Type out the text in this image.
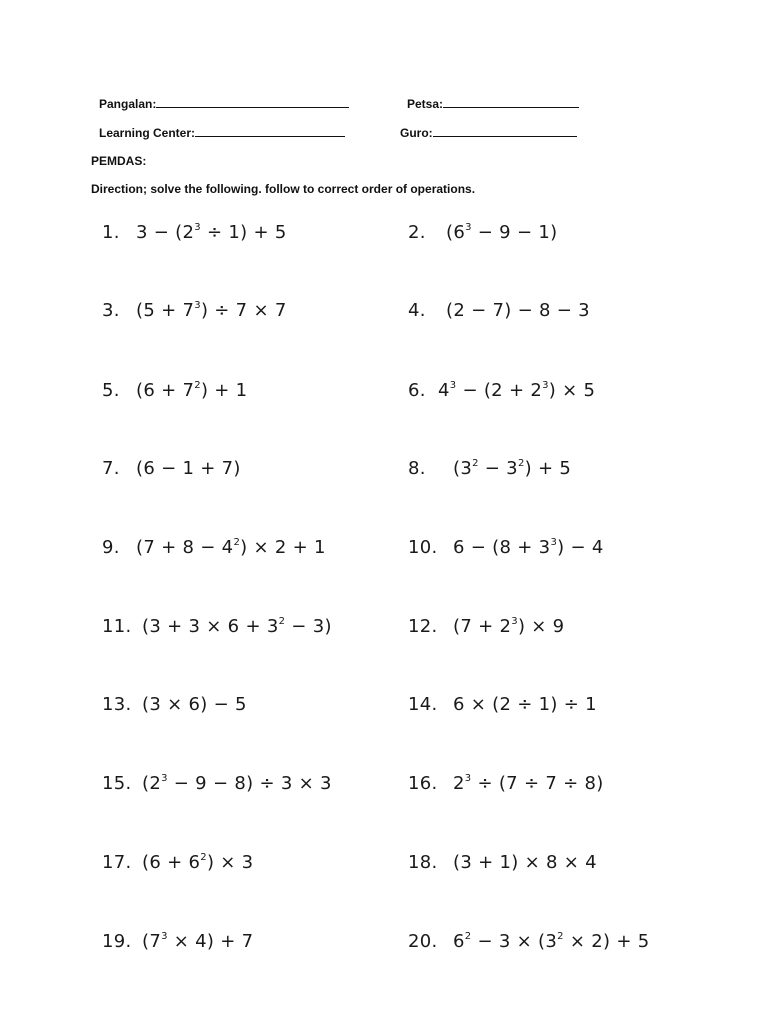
Pangalan:	Petsa:
Learning Center:	Guro:
PEMDAS:
Direction; solve the following. follow to correct order of operations.
1. $3 - (2^3 \div 1) + 5$	2. $(6^3 - 9 - 1)$
3. $(5 + 7^3) \div 7 \times 7$	4. (2 − 7) − 8 − 3
5. $(6 + 7^2) + 1$	6. $4^3 - (2 + 2^3) \times 5$
7. (6 − 1 + 7)	8. $(3^2 - 3^2) + 5$
9. $(7 + 8 - 4^2) \times 2 + 1$	10. $6 - (8 + 3^3) - 4$
11. $(3 + 3 \times 6 + 3^2 - 3)$	12. $(7 + 2^3) \times 9$
13. (3 × 6) − 5	14. 6 × (2 ÷ 1) ÷ 1
15. $(2^3 - 9 - 8) \div 3 \times 3$	16. $2^3 \div (7 \div 7 \div 8)$
17. $(6 + 6^2) \times 3$	18. (3 + 1) × 8 × 4
19. $(7^3 \times 4) + 7$	20. $6^2 - 3 \times (3^2 \times 2) + 5$
